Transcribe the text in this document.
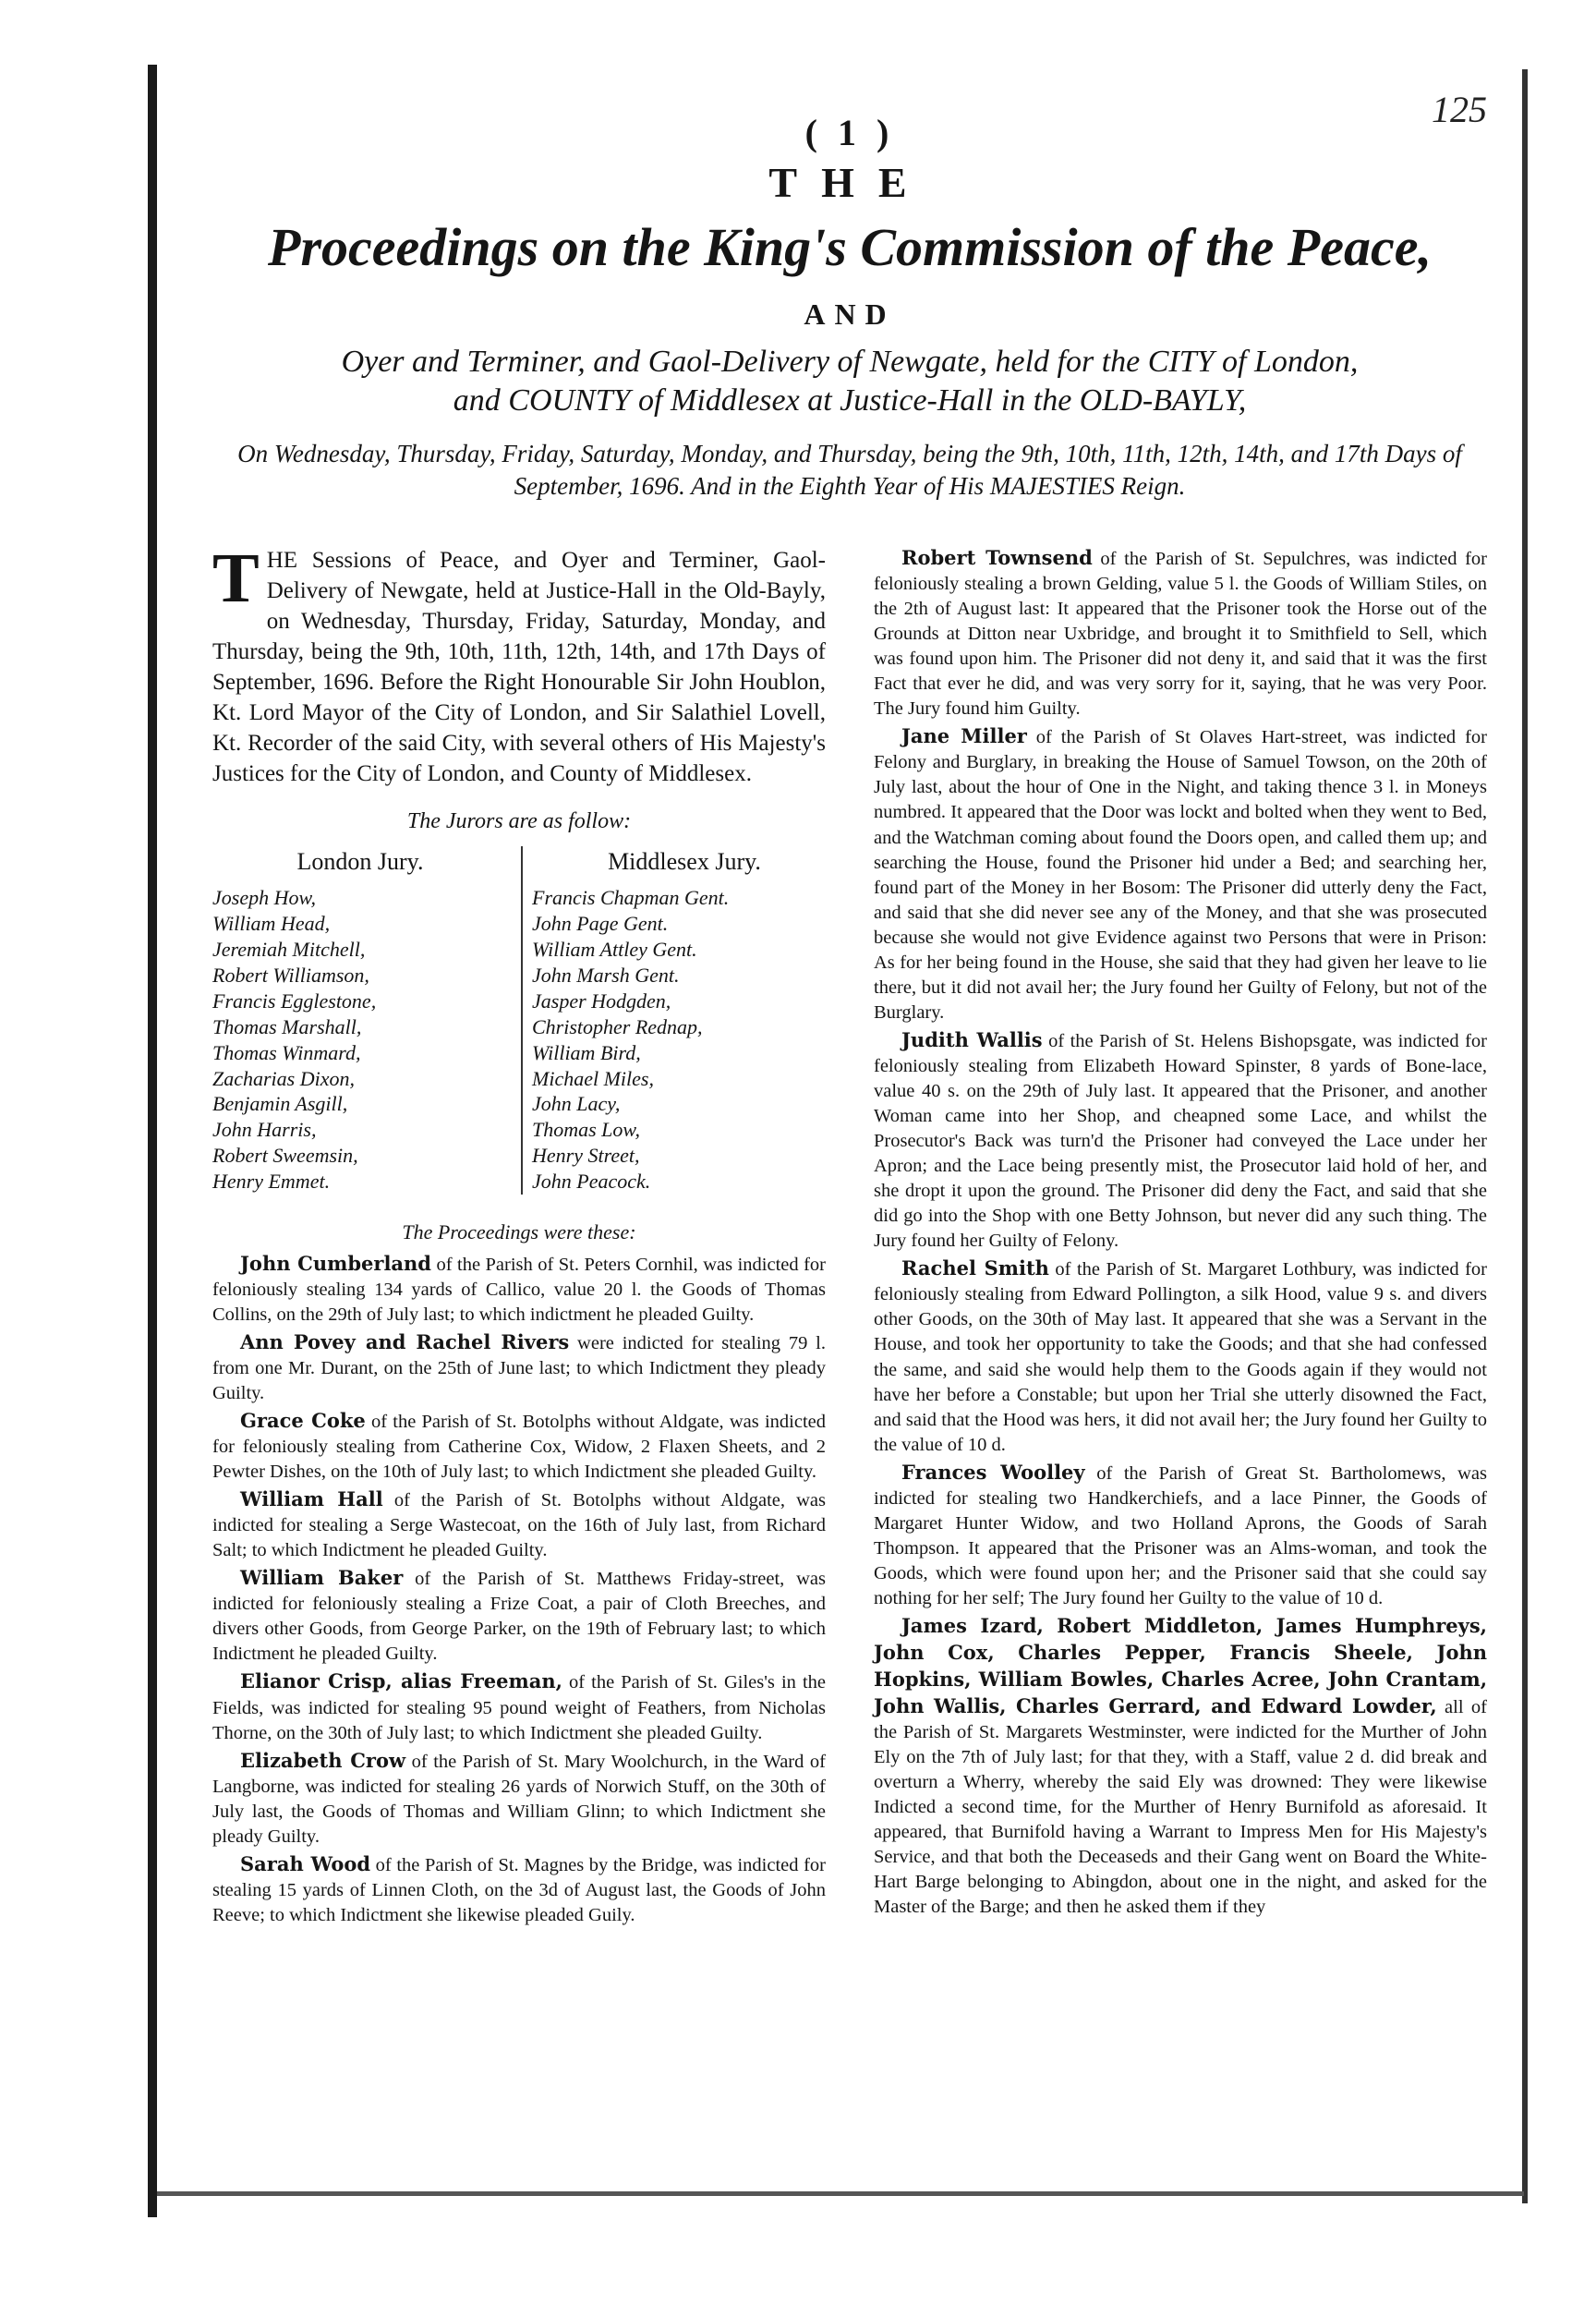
125
( 1 )
THE
Proceedings on the King's Commission of the Peace,
AND
Oyer and Terminer, and Gaol-Delivery of Newgate, held for the CITY of London,
and COUNTY of Middlesex at Justice-Hall in the OLD-BAYLY,
On Wednesday, Thursday, Friday, Saturday, Monday, and Thursday, being the 9th, 10th, 11th, 12th, 14th, and 17th Days of September, 1696. And in the Eighth Year of His MAJESTIES Reign.
THE Sessions of Peace, and Oyer and Terminer, Gaol-Delivery of Newgate, held at Justice-Hall in the Old-Bayly, on Wednesday, Thursday, Friday, Saturday, Monday, and Thursday, being the 9th, 10th, 11th, 12th, 14th, and 17th Days of September, 1696. Before the Right Honourable Sir John Houblon, Kt. Lord Mayor of the City of London, and Sir Salathiel Lovell, Kt. Recorder of the said City, with several others of His Majesty's Justices for the City of London, and County of Middlesex.
The Jurors are as follow:
London Jury.
Joseph How,
William Head,
Jeremiah Mitchell,
Robert Williamson,
Francis Egglestone,
Thomas Marshall,
Thomas Winmard,
Zacharias Dixon,
Benjamin Asgill,
John Harris,
Robert Sweemsin,
Henry Emmet.
Middlesex Jury.
Francis Chapman Gent.
John Page Gent.
William Attley Gent.
John Marsh Gent.
Jasper Hodgden,
Christopher Rednap,
William Bird,
Michael Miles,
John Lacy,
Thomas Low,
Henry Street,
John Peacock.
The Proceedings were these:

John Cumberland of the Parish of St. Peters Cornhil, was indicted for feloniously stealing 134 yards of Callico, value 20 l. the Goods of Thomas Collins, on the 29th of July last; to which indictment he pleaded Guilty.

Ann Povey and Rachel Rivers were indicted for stealing 79 l. from one Mr. Durant, on the 25th of June last; to which Indictment they pleady Guilty.

Grace Coke of the Parish of St. Botolphs without Aldgate, was indicted for feloniously stealing from Catherine Cox, Widow, 2 Flaxen Sheets, and 2 Pewter Dishes, on the 10th of July last; to which Indictment she pleaded Guilty.

William Hall of the Parish of St. Botolphs without Aldgate, was indicted for stealing a Serge Wastecoat, on the 16th of July last, from Richard Salt; to which Indictment he pleaded Guilty.

William Baker of the Parish of St. Matthews Friday-street, was indicted for feloniously stealing a Frize Coat, a pair of Cloth Breeches, and divers other Goods, from George Parker, on the 19th of February last; to which Indictment he pleaded Guilty.

Elianor Crisp, alias Freeman, of the Parish of St. Giles's in the Fields, was indicted for stealing 95 pound weight of Feathers, from Nicholas Thorne, on the 30th of July last; to which Indictment she pleaded Guilty.

Elizabeth Crow of the Parish of St. Mary Woolchurch, in the Ward of Langborne, was indicted for stealing 26 yards of Norwich Stuff, on the 30th of July last, the Goods of Thomas and William Glinn; to which Indictment she pleady Guilty.

Sarah Wood of the Parish of St. Magnes by the Bridge, was indicted for stealing 15 yards of Linnen Cloth, on the 3d of August last, the Goods of John Reeve; to which Indictment she likewise pleaded Guily.

Robert Townsend of the Parish of St. Sepulchres, was indicted for feloniously stealing a brown Gelding, value 5 l. the Goods of William Stiles, on the 2th of August last: It appeared that the Prisoner took the Horse out of the Grounds at Ditton near Uxbridge, and brought it to Smithfield to Sell, which was found upon him. The Prisoner did not deny it, and said that it was the first Fact that ever he did, and was very sorry for it, saying, that he was very Poor. The Jury found him Guilty.

Jane Miller of the Parish of St Olaves Hart-street, was indicted for Felony and Burglary, in breaking the House of Samuel Towson, on the 20th of July last, about the hour of One in the Night, and taking thence 3 l. in Moneys numbred. It appeared that the Door was lockt and bolted when they went to Bed, and the Watchman coming about found the Doors open, and called them up; and searching the House, found the Prisoner hid under a Bed; and searching her, found part of the Money in her Bosom: The Prisoner did utterly deny the Fact, and said that she did never see any of the Money, and that she was prosecuted because she would not give Evidence against two Persons that were in Prison: As for her being found in the House, she said that they had given her leave to lie there, but it did not avail her; the Jury found her Guilty of Felony, but not of the Burglary.

Judith Wallis of the Parish of St. Helens Bishopsgate, was indicted for feloniously stealing from Elizabeth Howard Spinster, 8 yards of Bone-lace, value 40 s. on the 29th of July last. It appeared that the Prisoner, and another Woman came into her Shop, and cheapned some Lace, and whilst the Prosecutor's Back was turn'd the Prisoner had conveyed the Lace under her Apron; and the Lace being presently mist, the Prosecutor laid hold of her, and she dropt it upon the ground. The Prisoner did deny the Fact, and said that she did go into the Shop with one Betty Johnson, but never did any such thing. The Jury found her Guilty of Felony.

Rachel Smith of the Parish of St. Margaret Lothbury, was indicted for feloniously stealing from Edward Pollington, a silk Hood, value 9 s. and divers other Goods, on the 30th of May last. It appeared that she was a Servant in the House, and took her opportunity to take the Goods; and that she had confessed the same, and said she would help them to the Goods again if they would not have her before a Constable; but upon her Trial she utterly disowned the Fact, and said that the Hood was hers, it did not avail her; the Jury found her Guilty to the value of 10 d.

Frances Woolley of the Parish of Great St. Bartholomews, was indicted for stealing two Handkerchiefs, and a lace Pinner, the Goods of Margaret Hunter Widow, and two Holland Aprons, the Goods of Sarah Thompson. It appeared that the Prisoner was an Alms-woman, and took the Goods, which were found upon her; and the Prisoner said that she could say nothing for her self; The Jury found her Guilty to the value of 10 d.

James Izard, Robert Middleton, James Humphreys, John Cox, Charles Pepper, Francis Sheele, John Hopkins, William Bowles, Charles Acree, John Crantam, John Wallis, Charles Gerrard, and Edward Lowder, all of the Parish of St. Margarets Westminster, were indicted for the Murther of John Ely on the 7th of July last; for that they, with a Staff, value 2 d. did break and overturn a Wherry, whereby the said Ely was drowned: They were likewise Indicted a second time, for the Murther of Henry Burnifold as aforesaid. It appeared, that Burnifold having a Warrant to Impress Men for His Majesty's Service, and that both the Deceaseds and their Gang went on Board the White-Hart Barge belonging to Abingdon, about one in the night, and asked for the Master of the Barge; and then he asked them if they
